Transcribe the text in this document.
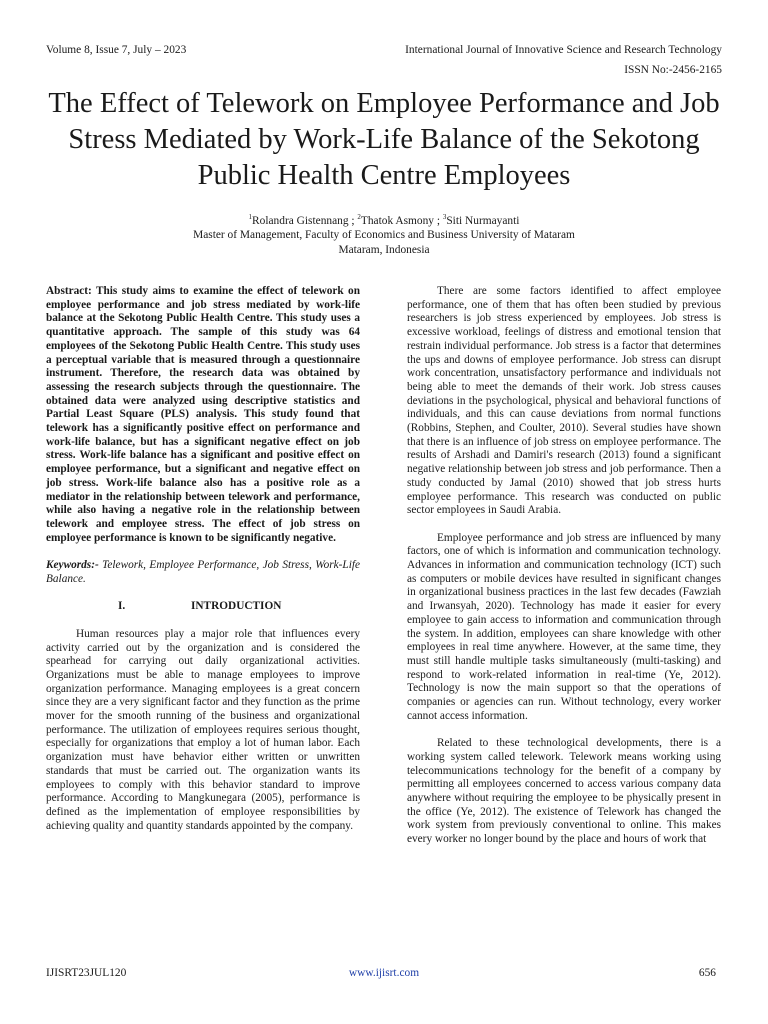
Volume 8, Issue 7, July – 2023	International Journal of Innovative Science and Research Technology
ISSN No:-2456-2165
The Effect of Telework on Employee Performance and Job Stress Mediated by Work-Life Balance of the Sekotong Public Health Centre Employees
$^1$Rolandra Gistennang ; $^2$Thatok Asmony ; $^3$Siti Nurmayanti
Master of Management, Faculty of Economics and Business University of Mataram
Mataram, Indonesia

Abstract: This study aims to examine the effect of telework on employee performance and job stress mediated by work-life balance at the Sekotong Public Health Centre. This study uses a quantitative approach. The sample of this study was 64 employees of the Sekotong Public Health Centre. This study uses a perceptual variable that is measured through a questionnaire instrument. Therefore, the research data was obtained by assessing the research subjects through the questionnaire. The obtained data were analyzed using descriptive statistics and Partial Least Square (PLS) analysis. This study found that telework has a significantly positive effect on performance and work-life balance, but has a significant negative effect on job stress. Work-life balance has a significant and positive effect on employee performance, but a significant and negative effect on job stress. Work-life balance also has a positive role as a mediator in the relationship between telework and performance, while also having a negative role in the relationship between telework and employee stress. The effect of job stress on employee performance is known to be significantly negative.

Keywords:- Telework, Employee Performance, Job Stress, Work-Life Balance.

I.	INTRODUCTION

Human resources play a major role that influences every activity carried out by the organization and is considered the spearhead for carrying out daily organizational activities. Organizations must be able to manage employees to improve organization performance. Managing employees is a great concern since they are a very significant factor and they function as the prime mover for the smooth running of the business and organizational performance. The utilization of employees requires serious thought, especially for organizations that employ a lot of human labor. Each organization must have behavior either written or unwritten standards that must be carried out. The organization wants its employees to comply with this behavior standard to improve performance. According to Mangkunegara (2005), performance is defined as the implementation of employee responsibilities by achieving quality and quantity standards appointed by the company.

There are some factors identified to affect employee performance, one of them that has often been studied by previous researchers is job stress experienced by employees. Job stress is excessive workload, feelings of distress and emotional tension that restrain individual performance. Job stress is a factor that determines the ups and downs of employee performance. Job stress can disrupt work concentration, unsatisfactory performance and individuals not being able to meet the demands of their work. Job stress causes deviations in the psychological, physical and behavioral functions of individuals, and this can cause deviations from normal functions (Robbins, Stephen, and Coulter, 2010). Several studies have shown that there is an influence of job stress on employee performance. The results of Arshadi and Damiri's research (2013) found a significant negative relationship between job stress and job performance. Then a study conducted by Jamal (2010) showed that job stress hurts employee performance. This research was conducted on public sector employees in Saudi Arabia.

Employee performance and job stress are influenced by many factors, one of which is information and communication technology. Advances in information and communication technology (ICT) such as computers or mobile devices have resulted in significant changes in organizational business practices in the last few decades (Fawziah and Irwansyah, 2020). Technology has made it easier for every employee to gain access to information and communication through the system. In addition, employees can share knowledge with other employees in real time anywhere. However, at the same time, they must still handle multiple tasks simultaneously (multi-tasking) and respond to work-related information in real-time (Ye, 2012). Technology is now the main support so that the operations of companies or agencies can run. Without technology, every worker cannot access information.

Related to these technological developments, there is a working system called telework. Telework means working using telecommunications technology for the benefit of a company by permitting all employees concerned to access various company data anywhere without requiring the employee to be physically present in the office (Ye, 2012). The existence of Telework has changed the work system from previously conventional to online. This makes every worker no longer bound by the place and hours of work that

IJISRT23JUL120	www.ijisrt.com	656
